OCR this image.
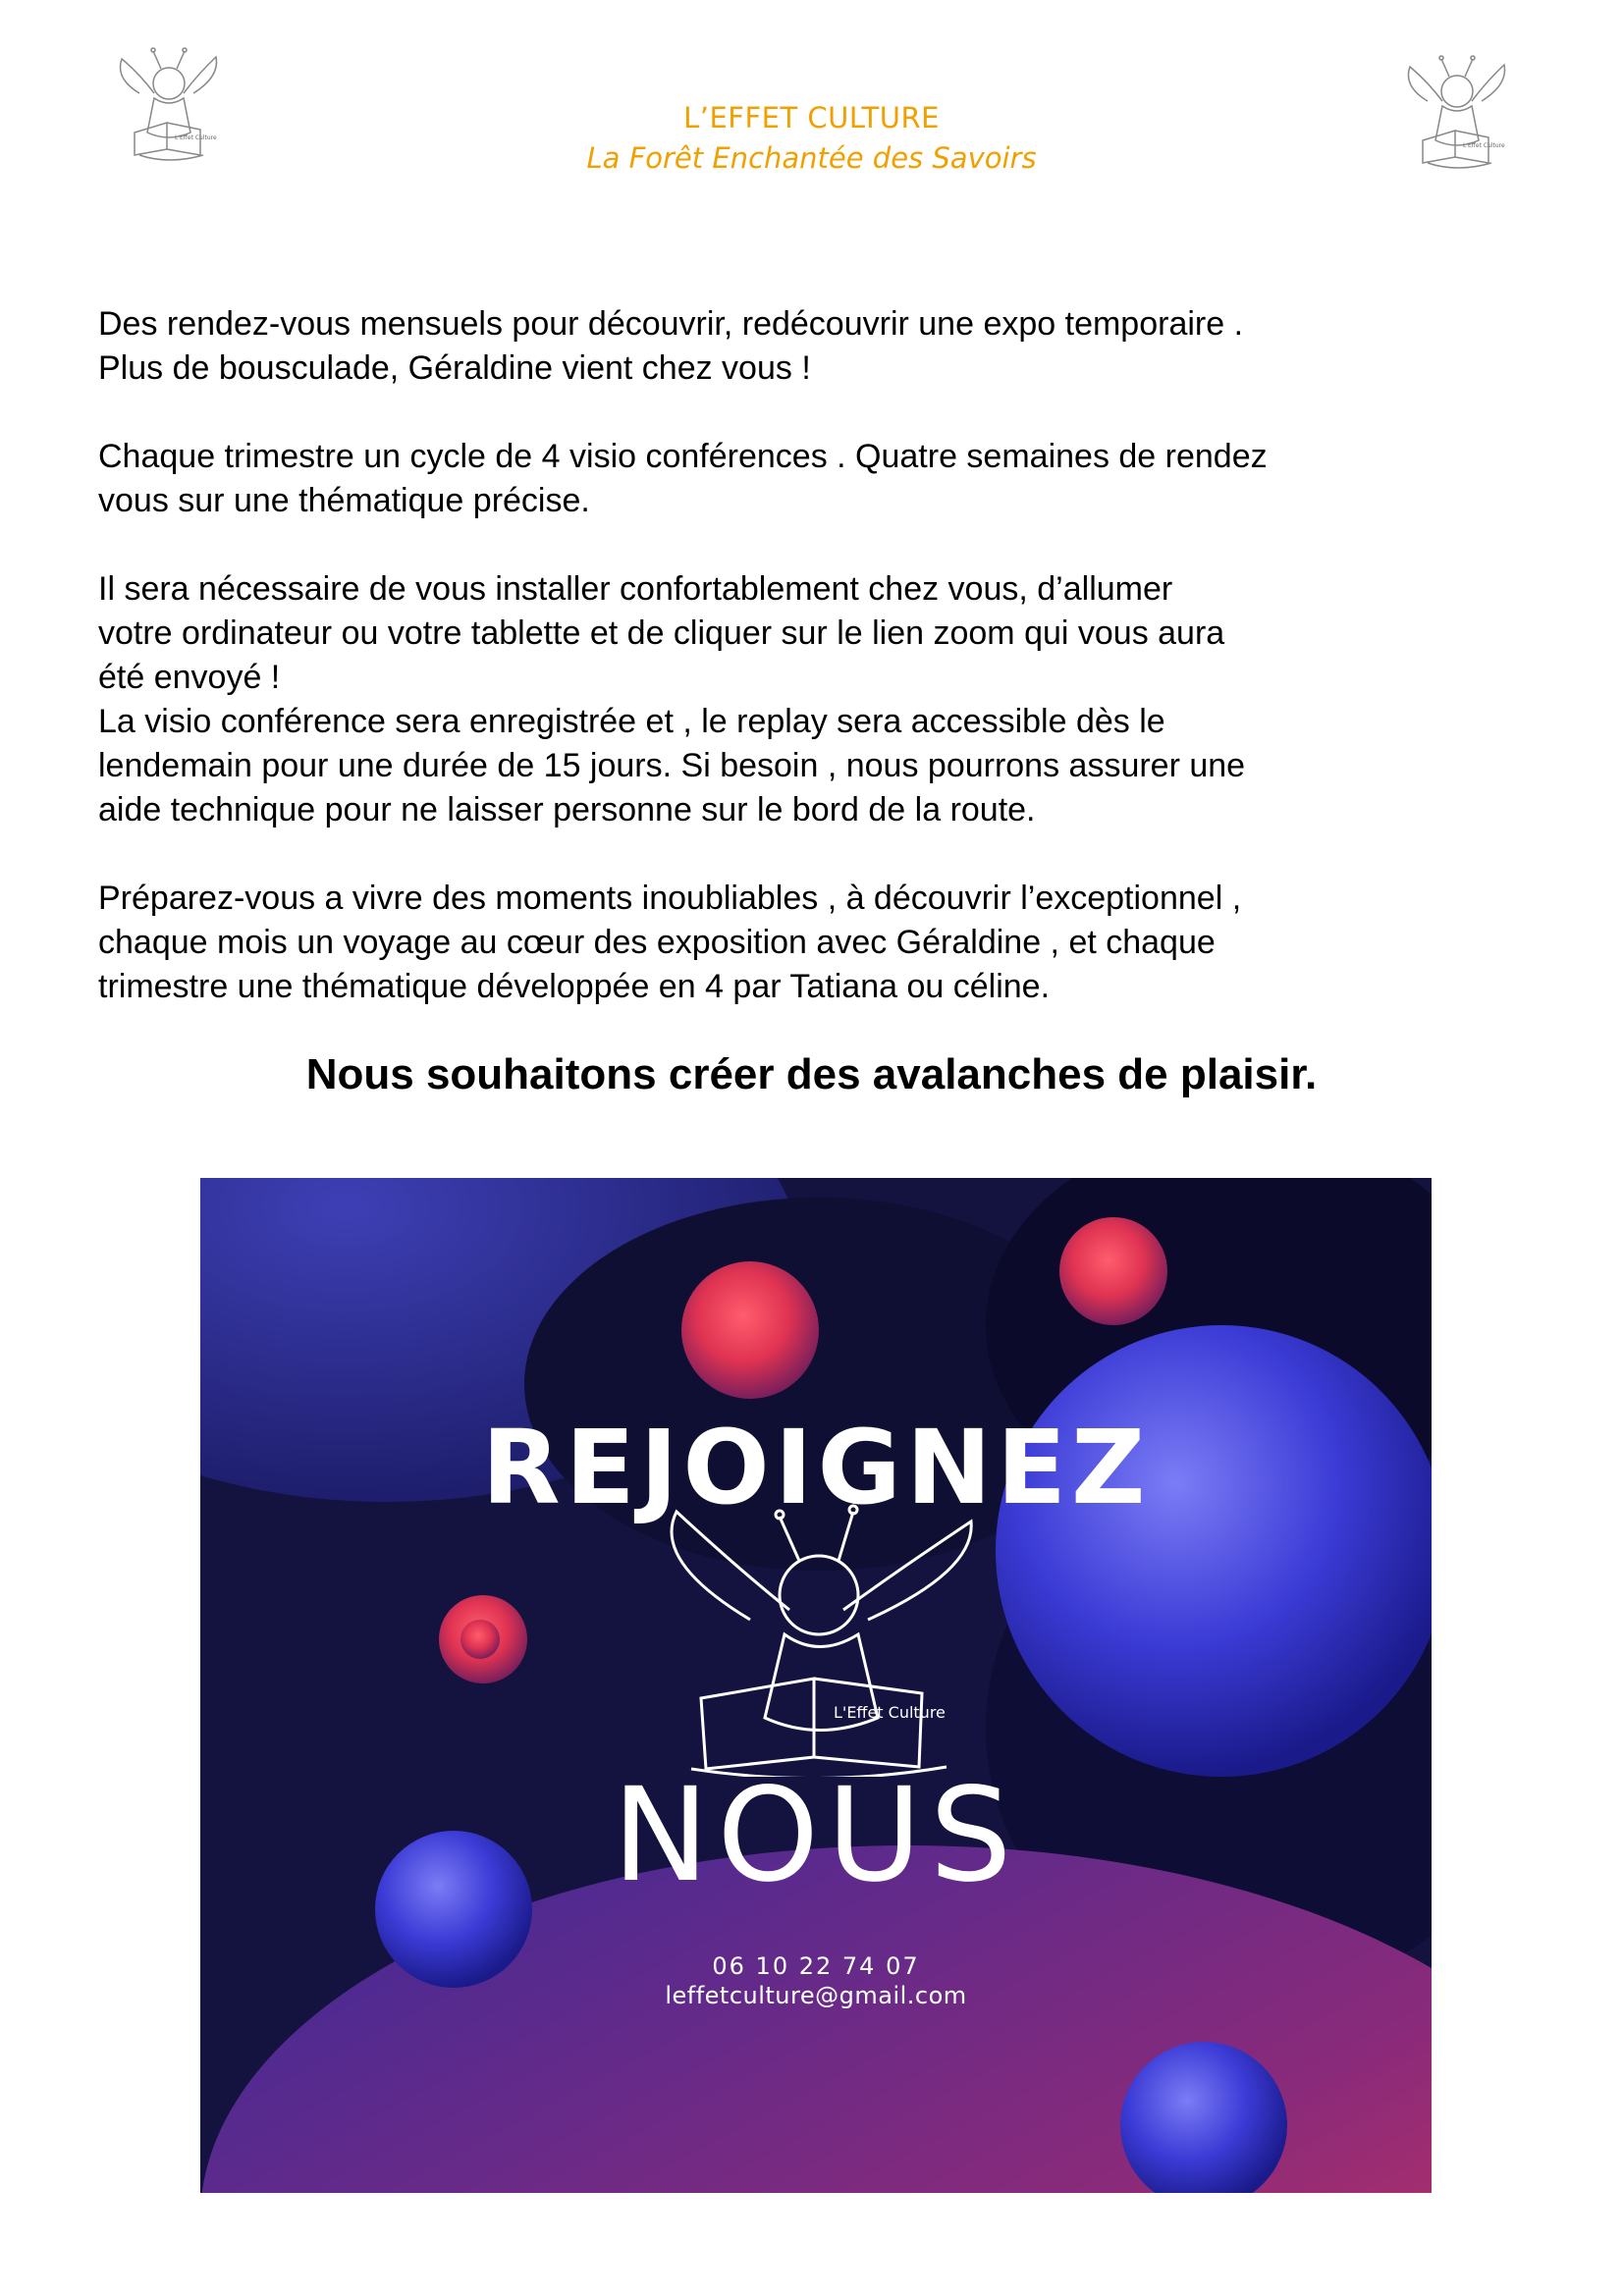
L'Effet Culture
L'Effet Culture
L’EFFET CULTURE
La Forêt Enchantée des Savoirs

Des rendez-vous mensuels pour découvrir, redécouvrir une expo temporaire .
Plus de bousculade, Géraldine vient chez vous !

Chaque trimestre un cycle de 4 visio conférences . Quatre semaines de rendez
vous sur une thématique précise.

Il sera nécessaire de vous installer confortablement chez vous, d’allumer
votre ordinateur ou votre tablette et de cliquer sur le lien zoom qui vous aura
été envoyé !
La visio conférence sera enregistrée et , le replay sera accessible dès le
lendemain pour une durée de 15 jours. Si besoin , nous pourrons assurer une
aide technique pour ne laisser personne sur le bord de la route.

Préparez-vous a vivre des moments inoubliables , à découvrir l’exceptionnel ,
chaque mois un voyage au cœur des exposition avec Géraldine , et chaque
trimestre une thématique développée en 4 par Tatiana ou céline.

Nous souhaitons créer des avalanches de plaisir.
REJOIGNEZ
L'Effet Culture
NOUS
06 10 22 74 07
leffetculture@gmail.com
